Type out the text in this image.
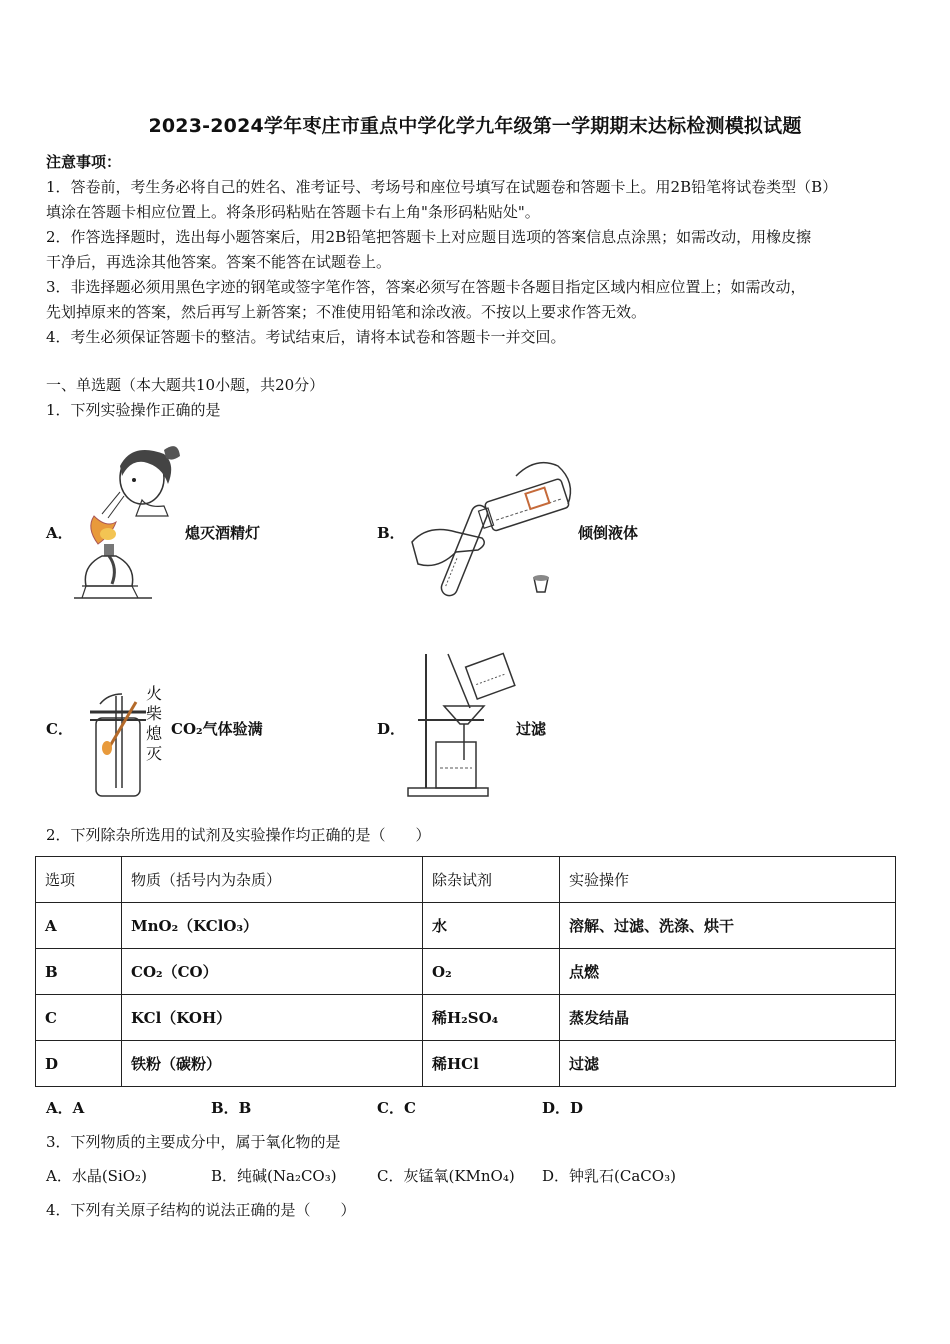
2023-2024学年枣庄市重点中学化学九年级第一学期期末达标检测模拟试题
注意事项：
1．答卷前，考生务必将自己的姓名、准考证号、考场号和座位号填写在试题卷和答题卡上。用2B铅笔将试卷类型（B）
填涂在答题卡相应位置上。将条形码粘贴在答题卡右上角"条形码粘贴处"。
2．作答选择题时，选出每小题答案后，用2B铅笔把答题卡上对应题目选项的答案信息点涂黑；如需改动，用橡皮擦
干净后，再选涂其他答案。答案不能答在试题卷上。
3．非选择题必须用黑色字迹的钢笔或签字笔作答，答案必须写在答题卡各题目指定区域内相应位置上；如需改动，
先划掉原来的答案，然后再写上新答案；不准使用铅笔和涂改液。不按以上要求作答无效。
4．考生必须保证答题卡的整洁。考试结束后，请将本试卷和答题卡一并交回。
一、单选题（本大题共10小题，共20分）
1．下列实验操作正确的是
A．	熄灭酒精灯	B．	倾倒液体
C．
火
柴
熄
灭
CO₂气体验满	D．	过滤
2．下列除杂所选用的试剂及实验操作均正确的是（　　）
选项	物质（括号内为杂质）	除杂试剂	实验操作
A	MnO₂（KClO₃）	水	溶解、过滤、洗涤、烘干
B	CO₂（CO）	O₂	点燃
C	KCl（KOH）	稀H₂SO₄	蒸发结晶
D	铁粉（碳粉）	稀HCl	过滤
A．A	B．B	C．C	D．D
3．下列物质的主要成分中，属于氧化物的是
A．水晶(SiO₂)	B．纯碱(Na₂CO₃)	C．灰锰氧(KMnO₄) D．钟乳石(CaCO₃)
4．下列有关原子结构的说法正确的是（　　）
